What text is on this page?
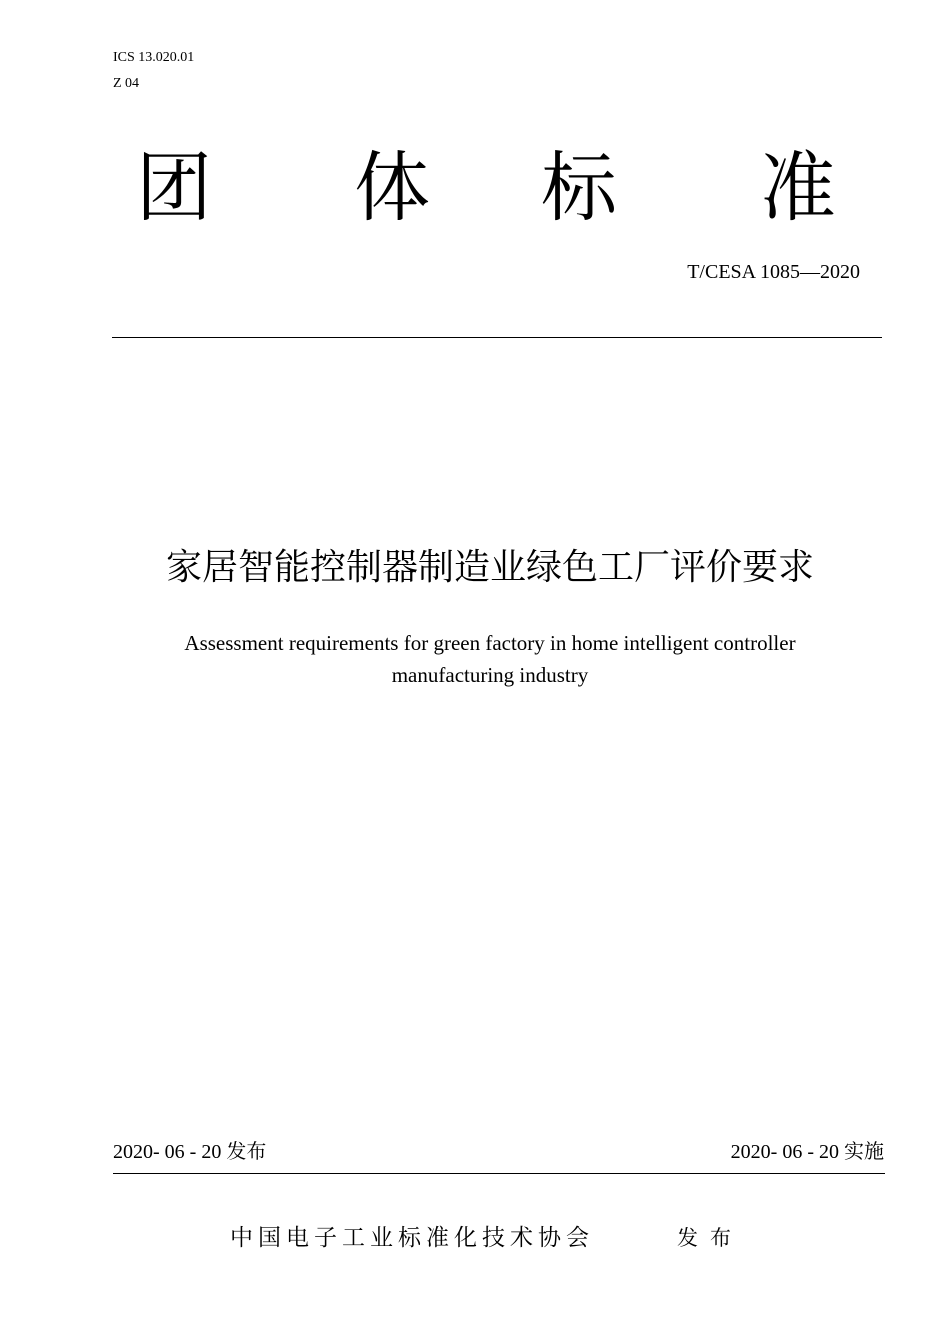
ICS 13.020.01
Z 04
团 体 标 准
T/CESA 1085—2020
家居智能控制器制造业绿色工厂评价要求
Assessment requirements for green factory in home intelligent controller
manufacturing industry
2020- 06 - 20 发布	2020- 06 - 20 实施
中国电子工业标准化技术协会	发布
